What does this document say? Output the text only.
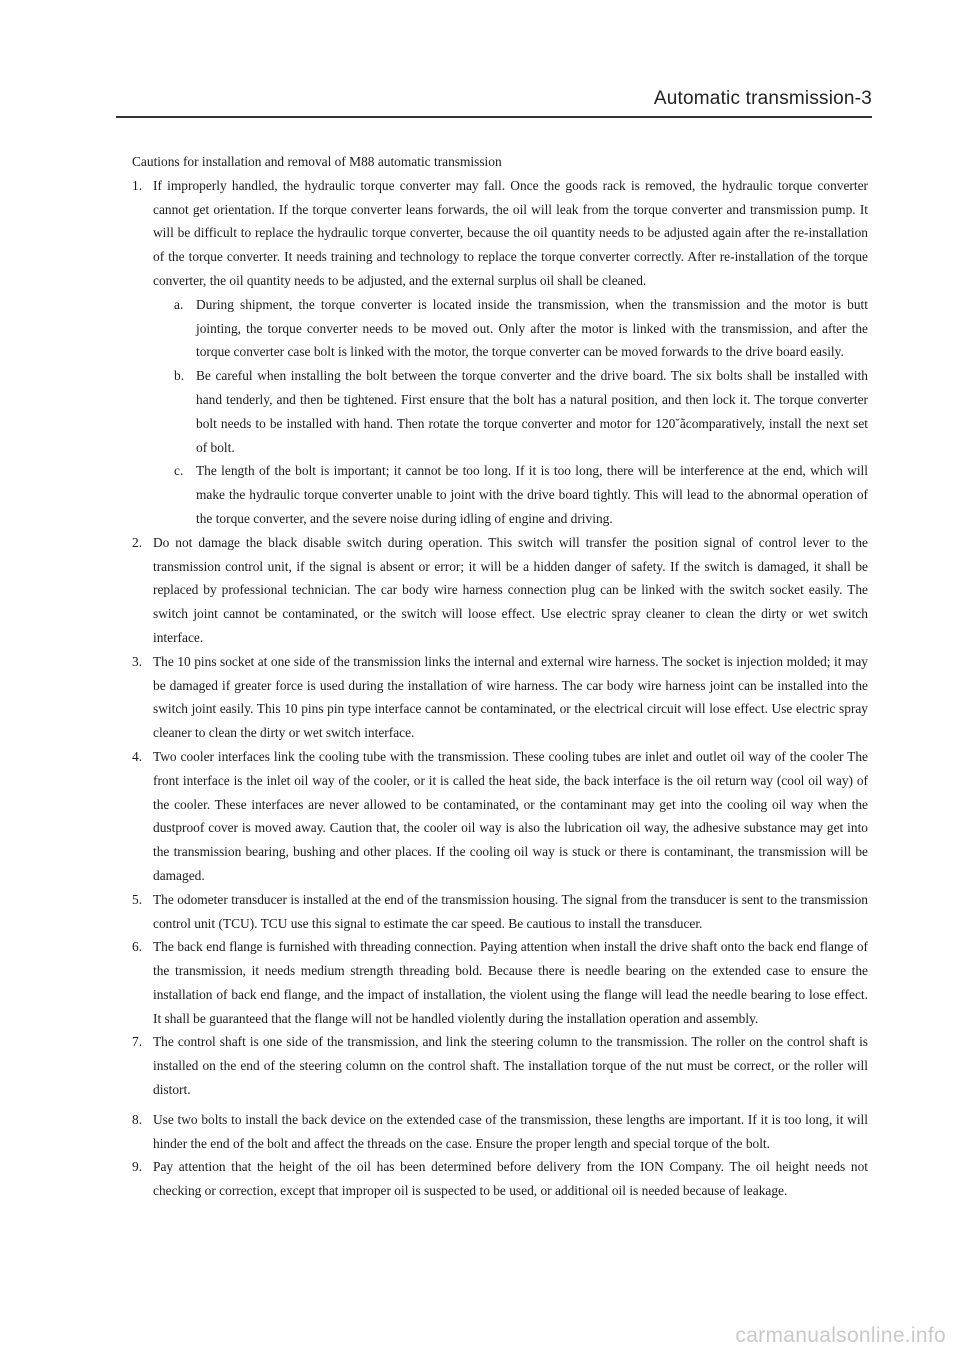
Automatic transmission-3

Cautions for installation and removal of M88 automatic transmission

1. If improperly handled, the hydraulic torque converter may fall. Once the goods rack is removed, the hydraulic torque converter cannot get orientation. If the torque converter leans forwards, the oil will leak from the torque converter and transmission pump. It will be difficult to replace the hydraulic torque converter, because the oil quantity needs to be adjusted again after the re-installation of the torque converter. It needs training and technology to replace the torque converter correctly. After re-installation of the torque converter, the oil quantity needs to be adjusted, and the external surplus oil shall be cleaned.
a. During shipment, the torque converter is located inside the transmission, when the transmission and the motor is butt jointing, the torque converter needs to be moved out. Only after the motor is linked with the transmission, and after the torque converter case bolt is linked with the motor, the torque converter can be moved forwards to the drive board easily.
b. Be careful when installing the bolt between the torque converter and the drive board. The six bolts shall be installed with hand tenderly, and then be tightened. First ensure that the bolt has a natural position, and then lock it. The torque converter bolt needs to be installed with hand. Then rotate the torque converter and motor for 120˘ãcomparatively, install the next set of bolt.
c. The length of the bolt is important; it cannot be too long. If it is too long, there will be interference at the end, which will make the hydraulic torque converter unable to joint with the drive board tightly. This will lead to the abnormal operation of the torque converter, and the severe noise during idling of engine and driving.
2. Do not damage the black disable switch during operation. This switch will transfer the position signal of control lever to the transmission control unit, if the signal is absent or error; it will be a hidden danger of safety. If the switch is damaged, it shall be replaced by professional technician. The car body wire harness connection plug can be linked with the switch socket easily. The switch joint cannot be contaminated, or the switch will loose effect. Use electric spray cleaner to clean the dirty or wet switch interface.
3. The 10 pins socket at one side of the transmission links the internal and external wire harness. The socket is injection molded; it may be damaged if greater force is used during the installation of wire harness. The car body wire harness joint can be installed into the switch joint easily. This 10 pins pin type interface cannot be contaminated, or the electrical circuit will lose effect. Use electric spray cleaner to clean the dirty or wet switch interface.
4. Two cooler interfaces link the cooling tube with the transmission. These cooling tubes are inlet and outlet oil way of the cooler The front interface is the inlet oil way of the cooler, or it is called the heat side, the back interface is the oil return way (cool oil way) of the cooler. These interfaces are never allowed to be contaminated, or the contaminant may get into the cooling oil way when the dustproof cover is moved away. Caution that, the cooler oil way is also the lubrication oil way, the adhesive substance may get into the transmission bearing, bushing and other places. If the cooling oil way is stuck or there is contaminant, the transmission will be damaged.
5. The odometer transducer is installed at the end of the transmission housing. The signal from the transducer is sent to the transmission control unit (TCU). TCU use this signal to estimate the car speed. Be cautious to install the transducer.
6. The back end flange is furnished with threading connection. Paying attention when install the drive shaft onto the back end flange of the transmission, it needs medium strength threading bold. Because there is needle bearing on the extended case to ensure the installation of back end flange, and the impact of installation, the violent using the flange will lead the needle bearing to lose effect. It shall be guaranteed that the flange will not be handled violently during the installation operation and assembly.
7. The control shaft is one side of the transmission, and link the steering column to the transmission. The roller on the control shaft is installed on the end of the steering column on the control shaft. The installation torque of the nut must be correct, or the roller will distort.
8. Use two bolts to install the back device on the extended case of the transmission, these lengths are important. If it is too long, it will hinder the end of the bolt and affect the threads on the case. Ensure the proper length and special torque of the bolt.
9. Pay attention that the height of the oil has been determined before delivery from the ION Company. The oil height needs not checking or correction, except that improper oil is suspected to be used, or additional oil is needed because of leakage.
carmanualsonline.info
